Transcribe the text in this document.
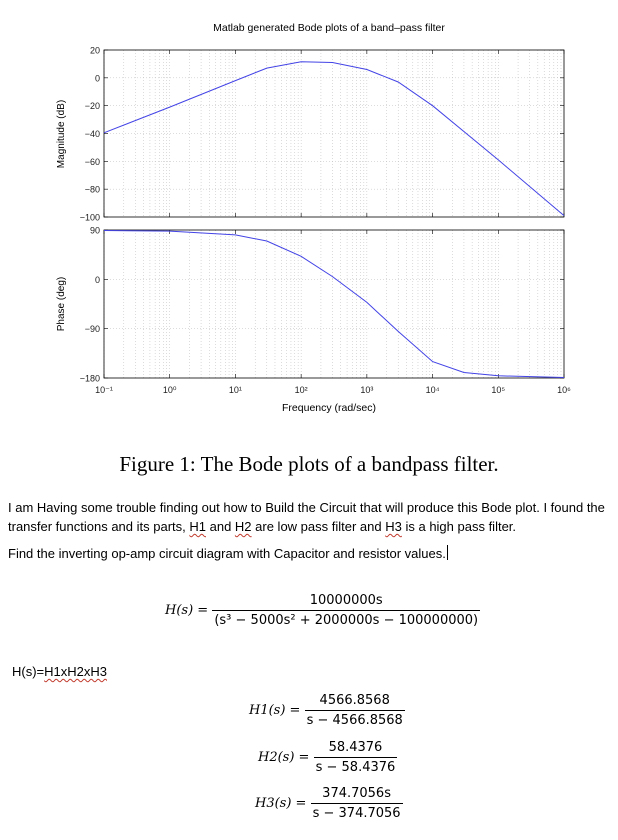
Matlab generated Bode plots of a band–pass filter
20
0
−20
−40
−60
−80
−100
90
0
−90
−180
10⁻¹	10⁰	10¹	10²	10³	10⁴	10⁵	10⁶
Magnitude (dB)
Phase (deg)
Frequency (rad/sec)
Figure 1: The Bode plots of a bandpass filter.
I am Having some trouble finding out how to Build the Circuit that will produce this Bode plot. I found the transfer functions and its parts, H1 and H2 are low pass filter and H3 is a high pass filter.
Find the inverting op-amp circuit diagram with Capacitor and resistor values.
$H(s) = \frac{10000000s}{\text{(s³ − 5000s² + 2000000s − 100000000)}}$
H(s)=H1xH2xH3
$H1(s) = \frac{4566.8568}{s - 4566.8568}$
$H2(s) = \frac{58.4376}{s - 58.4376}$
$H3(s) = \frac{374.7056s}{s - 374.7056}$
